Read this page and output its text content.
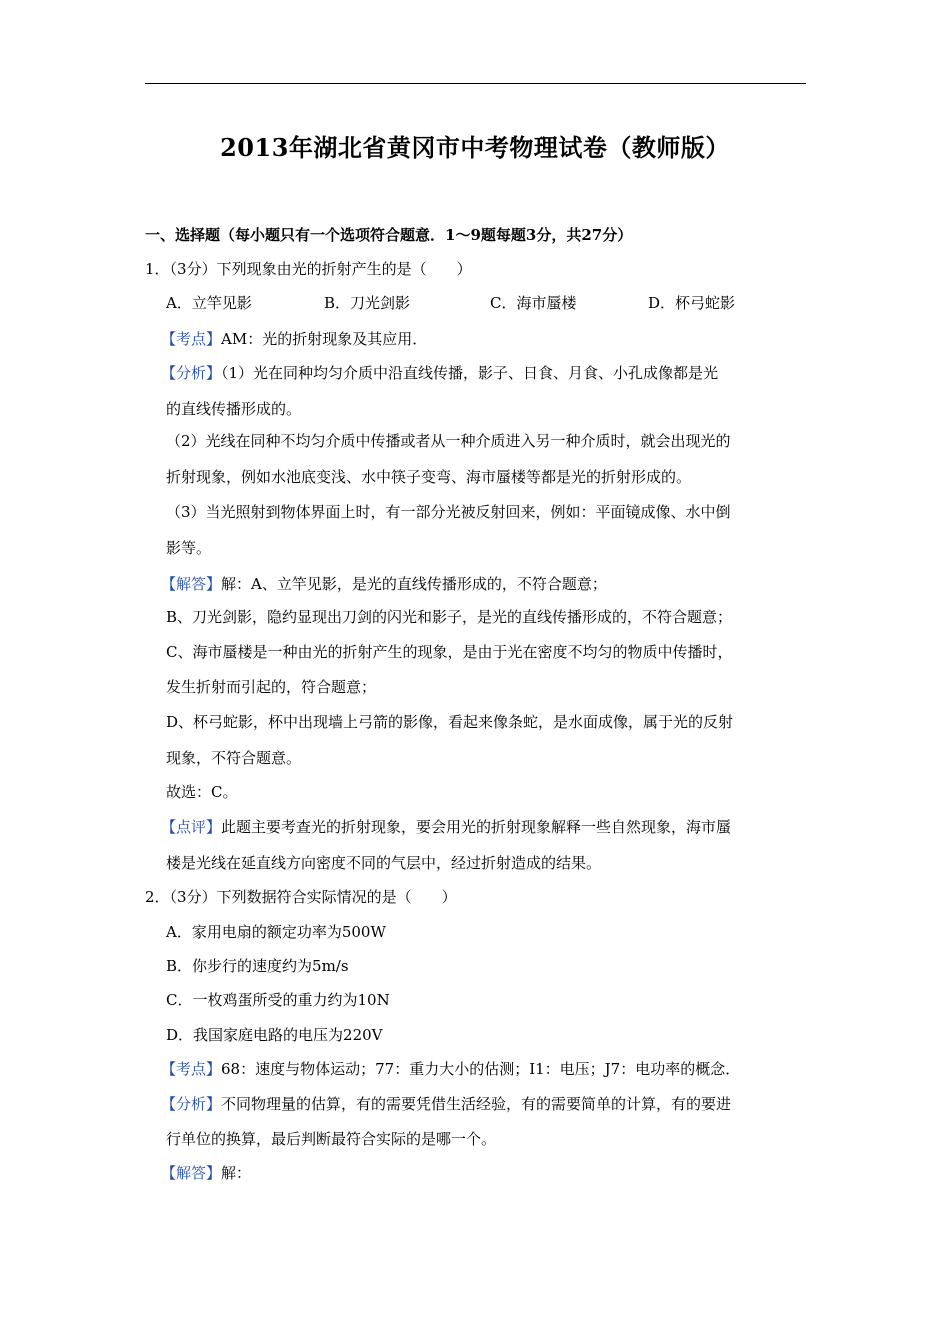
2013年湖北省黄冈市中考物理试卷（教师版）
一、选择题（每小题只有一个选项符合题意．1～9题每题3分，共27分）
1．（3分）下列现象由光的折射产生的是（　　）
A．立竿见影	B．刀光剑影	C．海市蜃楼	D．杯弓蛇影
【考点】AM：光的折射现象及其应用．
【分析】（1）光在同种均匀介质中沿直线传播，影子、日食、月食、小孔成像都是光
的直线传播形成的。
（2）光线在同种不均匀介质中传播或者从一种介质进入另一种介质时，就会出现光的
折射现象，例如水池底变浅、水中筷子变弯、海市蜃楼等都是光的折射形成的。
（3）当光照射到物体界面上时，有一部分光被反射回来，例如：平面镜成像、水中倒
影等。
【解答】解：A、立竿见影，是光的直线传播形成的，不符合题意；
B、刀光剑影，隐约显现出刀剑的闪光和影子，是光的直线传播形成的，不符合题意；
C、海市蜃楼是一种由光的折射产生的现象，是由于光在密度不均匀的物质中传播时，
发生折射而引起的，符合题意；
D、杯弓蛇影，杯中出现墙上弓箭的影像，看起来像条蛇，是水面成像，属于光的反射
现象，不符合题意。
故选：C。
【点评】此题主要考查光的折射现象，要会用光的折射现象解释一些自然现象，海市蜃
楼是光线在延直线方向密度不同的气层中，经过折射造成的结果。
2．（3分）下列数据符合实际情况的是（　　）
A．家用电扇的额定功率为500W
B．你步行的速度约为5m/s
C．一枚鸡蛋所受的重力约为10N
D．我国家庭电路的电压为220V
【考点】68：速度与物体运动；77：重力大小的估测；I1：电压；J7：电功率的概念．
【分析】不同物理量的估算，有的需要凭借生活经验，有的需要简单的计算，有的要进
行单位的换算，最后判断最符合实际的是哪一个。
【解答】解：
